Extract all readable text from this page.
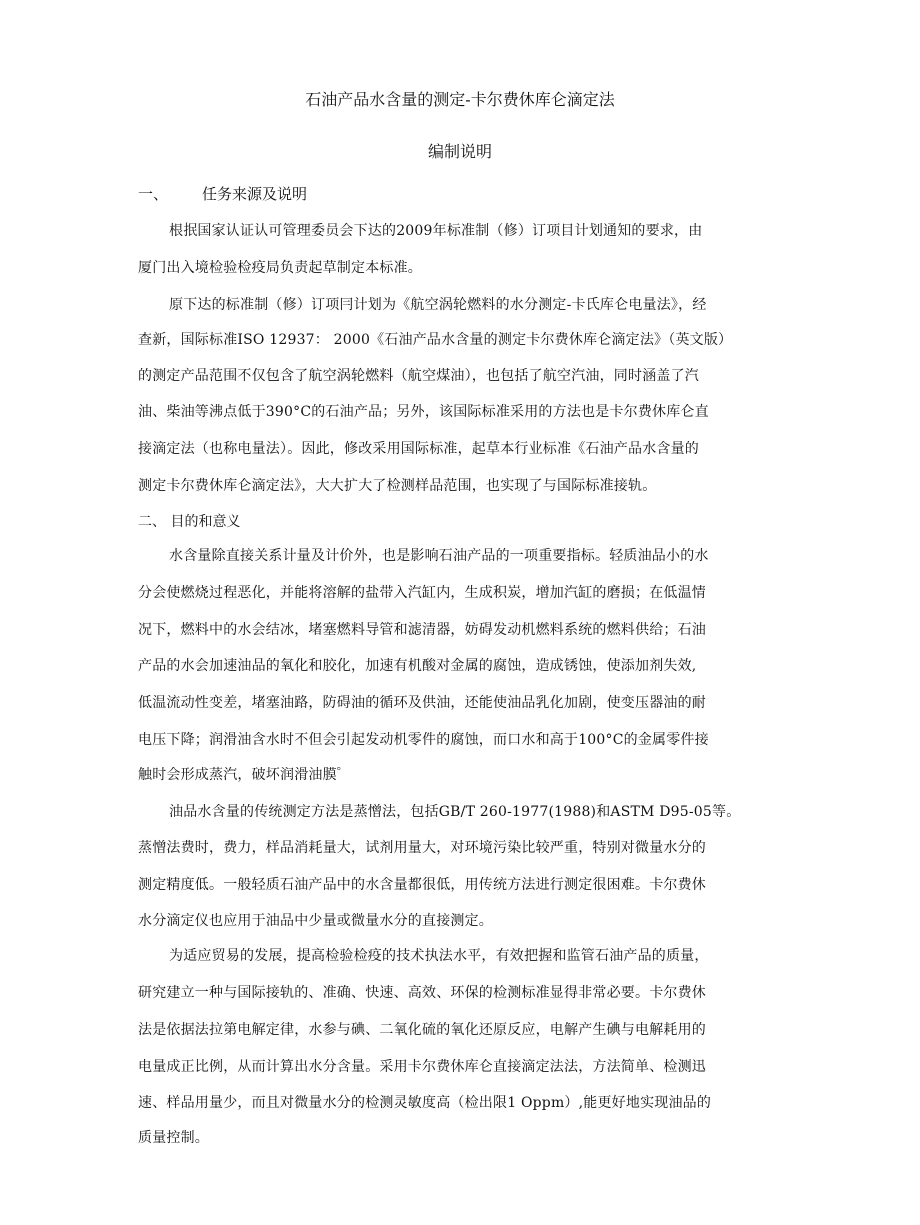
石油产品水含量的测定-卡尔费休库仑滴定法
编制说明
一、 任务来源及说明
根抿国家认证认可管理委员会下达的2009年标准制（修）订项目计划通知的要求，由
厦门出入境检验检疫局负责起草制定本标准。
原下达的标准制（修）订项冃计划为《航空涡轮燃料的水分测定-卡氏库仑电量法》，经
查新，国际标准ISO 12937： 2000《石油产品水含量的测定卡尔费休库仑滴定法》（英文版）
的测定产品范围不仅包含了航空涡轮燃料（航空煤油），也包括了航空汽油，同时涵盖了汽
油、柴油等沸点低于390°C的石油产品；另外，该国际标准采用的方法也是卡尔费休库仑直
接滴定法（也称电量法）。因此，修改采用国际标准，起草本行业标准《石油产品水含量的
测定卡尔费休库仑滴定法》，大大扩大了检测样品范围，也实现了与国际标准接轨。
二、 目的和意义
水含量除直接关系计量及计价外，也是影响石油产品的一项重要指标。轻质油品小的水
分会使燃烧过程恶化，并能将溶解的盐带入汽缸内，生成积炭，增加汽缸的磨损；在低温情
况下，燃料中的水会结冰，堵塞燃料导管和滤清器，妨碍发动机燃料系统的燃料供给；石油
产品的水会加速油品的氧化和胶化，加速有机酸对金属的腐蚀，造成锈蚀，使添加剂失效,
低温流动性变差，堵塞油路，防碍油的循环及供油，还能使油品乳化加剧，使变压器油的耐
电压下降；润滑油含水时不但会引起发动机零件的腐蚀，而口水和高于100°C的金属零件接
触时会形成蒸汽，破坏润滑油膜゜
油品水含量的传统测定方法是蒸憎法，包括GB/T 260-1977(1988)和ASTM D95-05等。
蒸憎法费时，费力，样品消耗量大，试剂用量大，对环境污染比较严重，特别对微量水分的
测定精度低。一般轻质石油产品中的水含量都很低，用传统方法进行测定很困难。卡尔费休
水分滴定仪也应用于油品中少量或微量水分的直接测定。
为适应贸易的发展，提高检验检疫的技术执法水平，有效把握和监管石油产品的质量，
研究建立一种与国际接轨的、准确、快速、高效、环保的检测标准显得非常必要。卡尔费休
法是依据法拉第电解定律，水参与碘、二氧化硫的氧化还原反应，电解产生碘与电解耗用的
电量成正比例，从而计算出水分含量。采用卡尔费休库仑直接滴定法法，方法简单、检测迅
速、样品用量少，而且对微量水分的检测灵敏度高（检出限1 Oppm）,能更好地实现油品的
质量控制。
